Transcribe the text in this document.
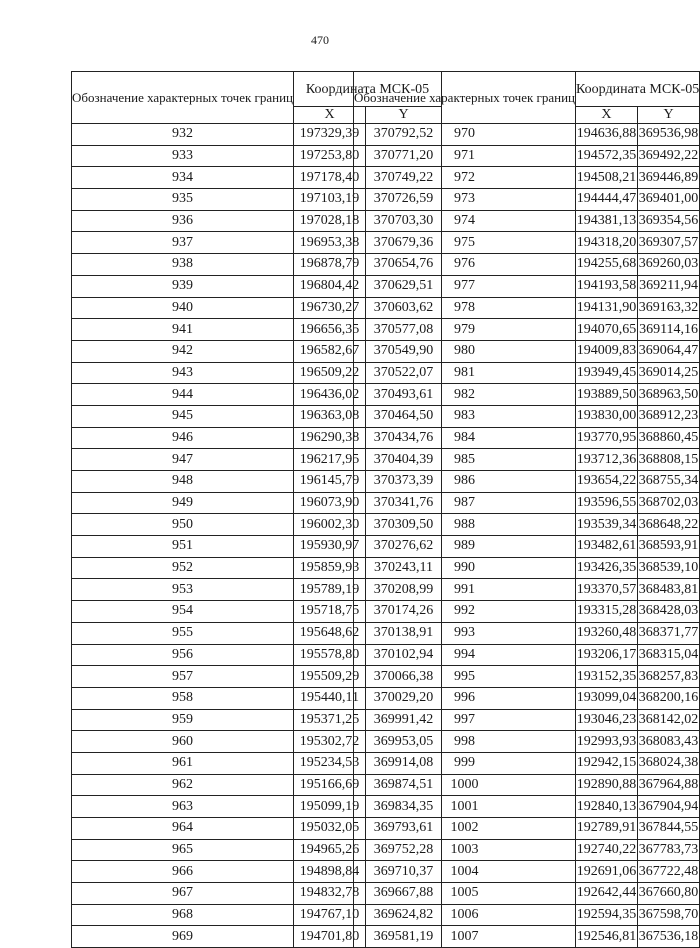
470
Обозначение характерных точек границ	Координата МСК-05	
	X	Y
932	197329,39	370792,52
933	197253,80	370771,20
934	197178,40	370749,22
935	197103,19	370726,59
936	197028,18	370703,30
937	196953,38	370679,36
938	196878,79	370654,76
939	196804,42	370629,51
940	196730,27	370603,62
941	196656,35	370577,08
942	196582,67	370549,90
943	196509,22	370522,07
944	196436,02	370493,61
945	196363,08	370464,50
946	196290,38	370434,76
947	196217,95	370404,39
948	196145,79	370373,39
949	196073,90	370341,76
950	196002,30	370309,50
951	195930,97	370276,62
952	195859,93	370243,11
953	195789,19	370208,99
954	195718,75	370174,26
955	195648,62	370138,91
956	195578,80	370102,94
957	195509,29	370066,38
958	195440,11	370029,20
959	195371,25	369991,42
960	195302,72	369953,05
961	195234,53	369914,08
962	195166,69	369874,51
963	195099,19	369834,35
964	195032,05	369793,61
965	194965,26	369752,28
966	194898,84	369710,37
967	194832,78	369667,88
968	194767,10	369624,82
969	194701,80	369581,19
Обозначение характерных точек границ	Координата МСК-05	
	X	Y
970	194636,88	369536,98
971	194572,35	369492,22
972	194508,21	369446,89
973	194444,47	369401,00
974	194381,13	369354,56
975	194318,20	369307,57
976	194255,68	369260,03
977	194193,58	369211,94
978	194131,90	369163,32
979	194070,65	369114,16
980	194009,83	369064,47
981	193949,45	369014,25
982	193889,50	368963,50
983	193830,00	368912,23
984	193770,95	368860,45
985	193712,36	368808,15
986	193654,22	368755,34
987	193596,55	368702,03
988	193539,34	368648,22
989	193482,61	368593,91
990	193426,35	368539,10
991	193370,57	368483,81
992	193315,28	368428,03
993	193260,48	368371,77
994	193206,17	368315,04
995	193152,35	368257,83
996	193099,04	368200,16
997	193046,23	368142,02
998	192993,93	368083,43
999	192942,15	368024,38
1000	192890,88	367964,88
1001	192840,13	367904,94
1002	192789,91	367844,55
1003	192740,22	367783,73
1004	192691,06	367722,48
1005	192642,44	367660,80
1006	192594,35	367598,70
1007	192546,81	367536,18
